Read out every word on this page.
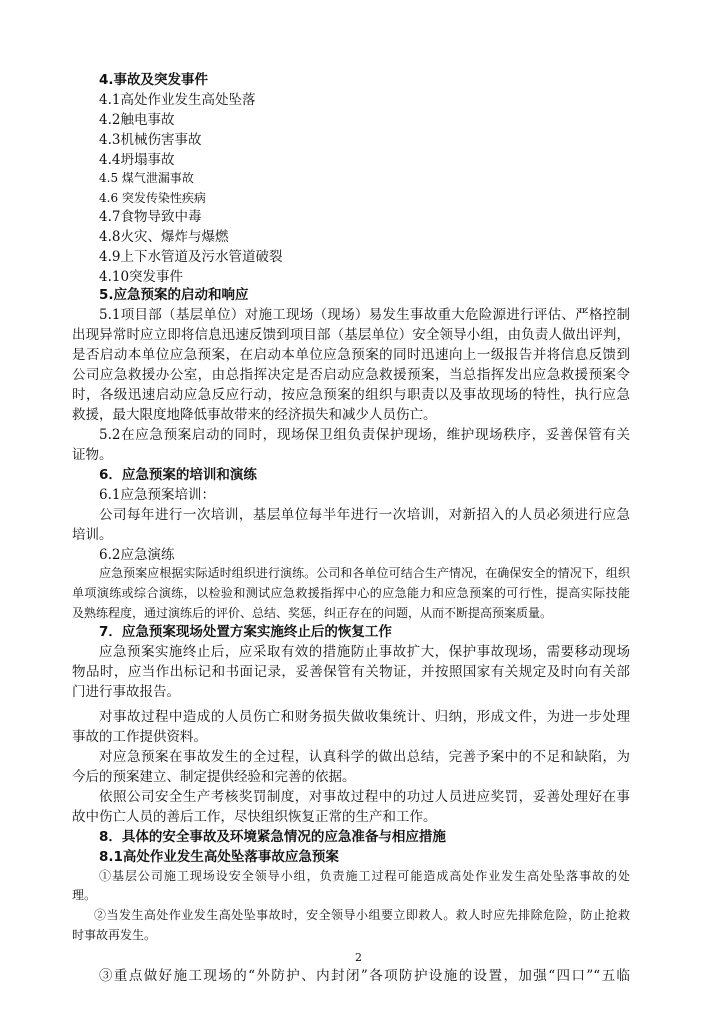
4.事故及突发事件
4.1高处作业发生高处坠落
4.2触电事故
4.3机械伤害事故
4.4坍塌事故
4.5 煤气泄漏事故
4.6 突发传染性疾病
4.7食物导致中毒
4.8火灾、爆炸与爆燃
4.9上下水管道及污水管道破裂
4.10突发事件
5.应急预案的启动和响应
5.1项目部（基层单位）对施工现场（现场）易发生事故重大危险源进行评估、严格控制
出现异常时应立即将信息迅速反馈到项目部（基层单位）安全领导小组，由负责人做出评判，
是否启动本单位应急预案，在启动本单位应急预案的同时迅速向上一级报告并将信息反馈到
公司应急救援办公室，由总指挥决定是否启动应急救援预案，当总指挥发出应急救援预案令
时，各级迅速启动应急反应行动，按应急预案的组织与职责以及事故现场的特性，执行应急
救援，最大限度地降低事故带来的经济损失和减少人员伤亡。
5.2在应急预案启动的同时，现场保卫组负责保护现场，维护现场秩序，妥善保管有关
证物。
6．应急预案的培训和演练
6.1应急预案培训：
公司每年进行一次培训，基层单位每半年进行一次培训，对新招入的人员必须进行应急
培训。
6.2应急演练
应急预案应根据实际适时组织进行演练。公司和各单位可结合生产情况，在确保安全的情况下，组织
单项演练或综合演练，以检验和测试应急救援指挥中心的应急能力和应急预案的可行性，提高实际技能
及熟练程度，通过演练后的评价、总结、奖惩，纠正存在的问题，从而不断提高预案质量。
7．应急预案现场处置方案实施终止后的恢复工作
应急预案实施终止后，应采取有效的措施防止事故扩大，保护事故现场，需要移动现场
物品时，应当作出标记和书面记录，妥善保管有关物证，并按照国家有关规定及时向有关部
门进行事故报告。
对事故过程中造成的人员伤亡和财务损失做收集统计、归纳，形成文件，为进一步处理
事故的工作提供资料。
对应急预案在事故发生的全过程，认真科学的做出总结，完善予案中的不足和缺陷，为
今后的预案建立、制定提供经验和完善的依据。
依照公司安全生产考核奖罚制度，对事故过程中的功过人员进应奖罚，妥善处理好在事
故中伤亡人员的善后工作，尽快组织恢复正常的生产和工作。
8．具体的安全事故及环境紧急情况的应急准备与相应措施
8.1高处作业发生高处坠落事故应急预案
①基层公司施工现场设安全领导小组，负责施工过程可能造成高处作业发生高处坠落事故的处
理。
②当发生高处作业发生高处坠事故时，安全领导小组要立即救人。救人时应先排除危险，防止抢救
时事故再发生。
2
③重点做好施工现场的“外防护、内封闭”各项防护设施的设置，加强“四口”“五临
